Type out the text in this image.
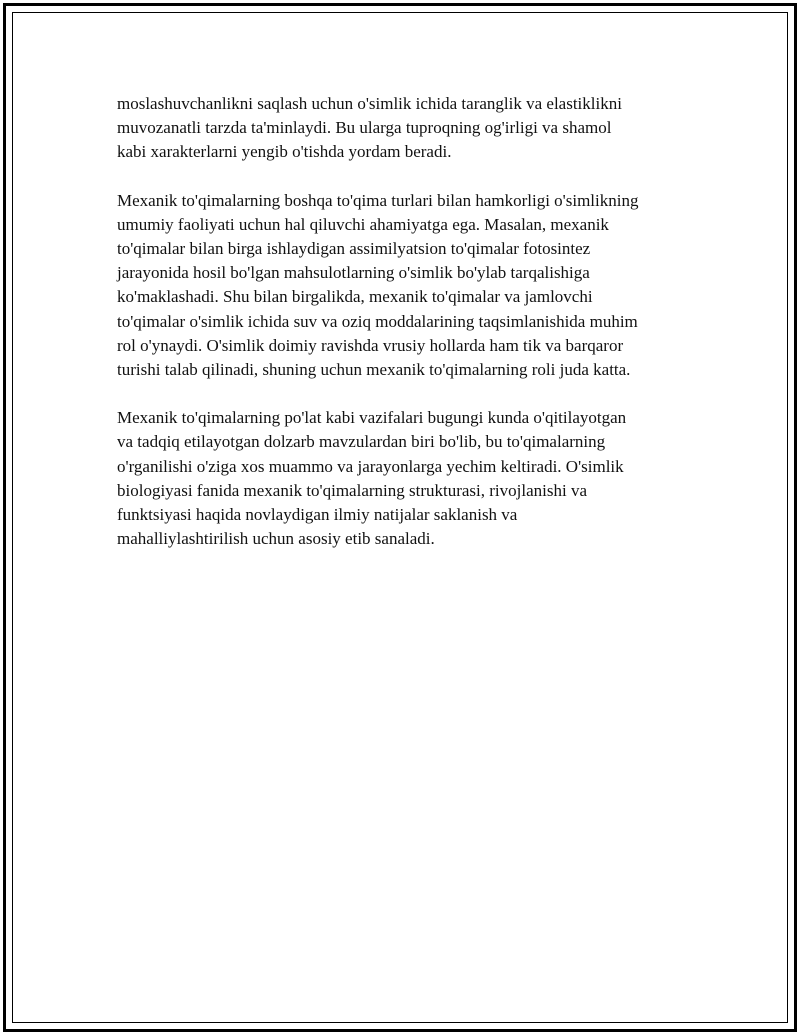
moslashuvchanlikni saqlash uchun o'simlik ichida taranglik va elastiklikni
muvozanatli tarzda ta'minlaydi. Bu ularga tuproqning og'irligi va shamol
kabi xarakterlarni yengib o'tishda yordam beradi.

Mexanik to'qimalarning boshqa to'qima turlari bilan hamkorligi o'simlikning
umumiy faoliyati uchun hal qiluvchi ahamiyatga ega. Masalan, mexanik
to'qimalar bilan birga ishlaydigan assimilyatsion to'qimalar fotosintez
jarayonida hosil bo'lgan mahsulotlarning o'simlik bo'ylab tarqalishiga
ko'maklashadi. Shu bilan birgalikda, mexanik to'qimalar va jamlovchi
to'qimalar o'simlik ichida suv va oziq moddalarining taqsimlanishida muhim
rol o'ynaydi. O'simlik doimiy ravishda vrusiy hollarda ham tik va barqaror
turishi talab qilinadi, shuning uchun mexanik to'qimalarning roli juda katta.

Mexanik to'qimalarning po'lat kabi vazifalari bugungi kunda o'qitilayotgan
va tadqiq etilayotgan dolzarb mavzulardan biri bo'lib, bu to'qimalarning
o'rganilishi o'ziga xos muammo va jarayonlarga yechim keltiradi. O'simlik
biologiyasi fanida mexanik to'qimalarning strukturasi, rivojlanishi va
funktsiyasi haqida novlaydigan ilmiy natijalar saklanish va
mahalliylashtirilish uchun asosiy etib sanaladi.
